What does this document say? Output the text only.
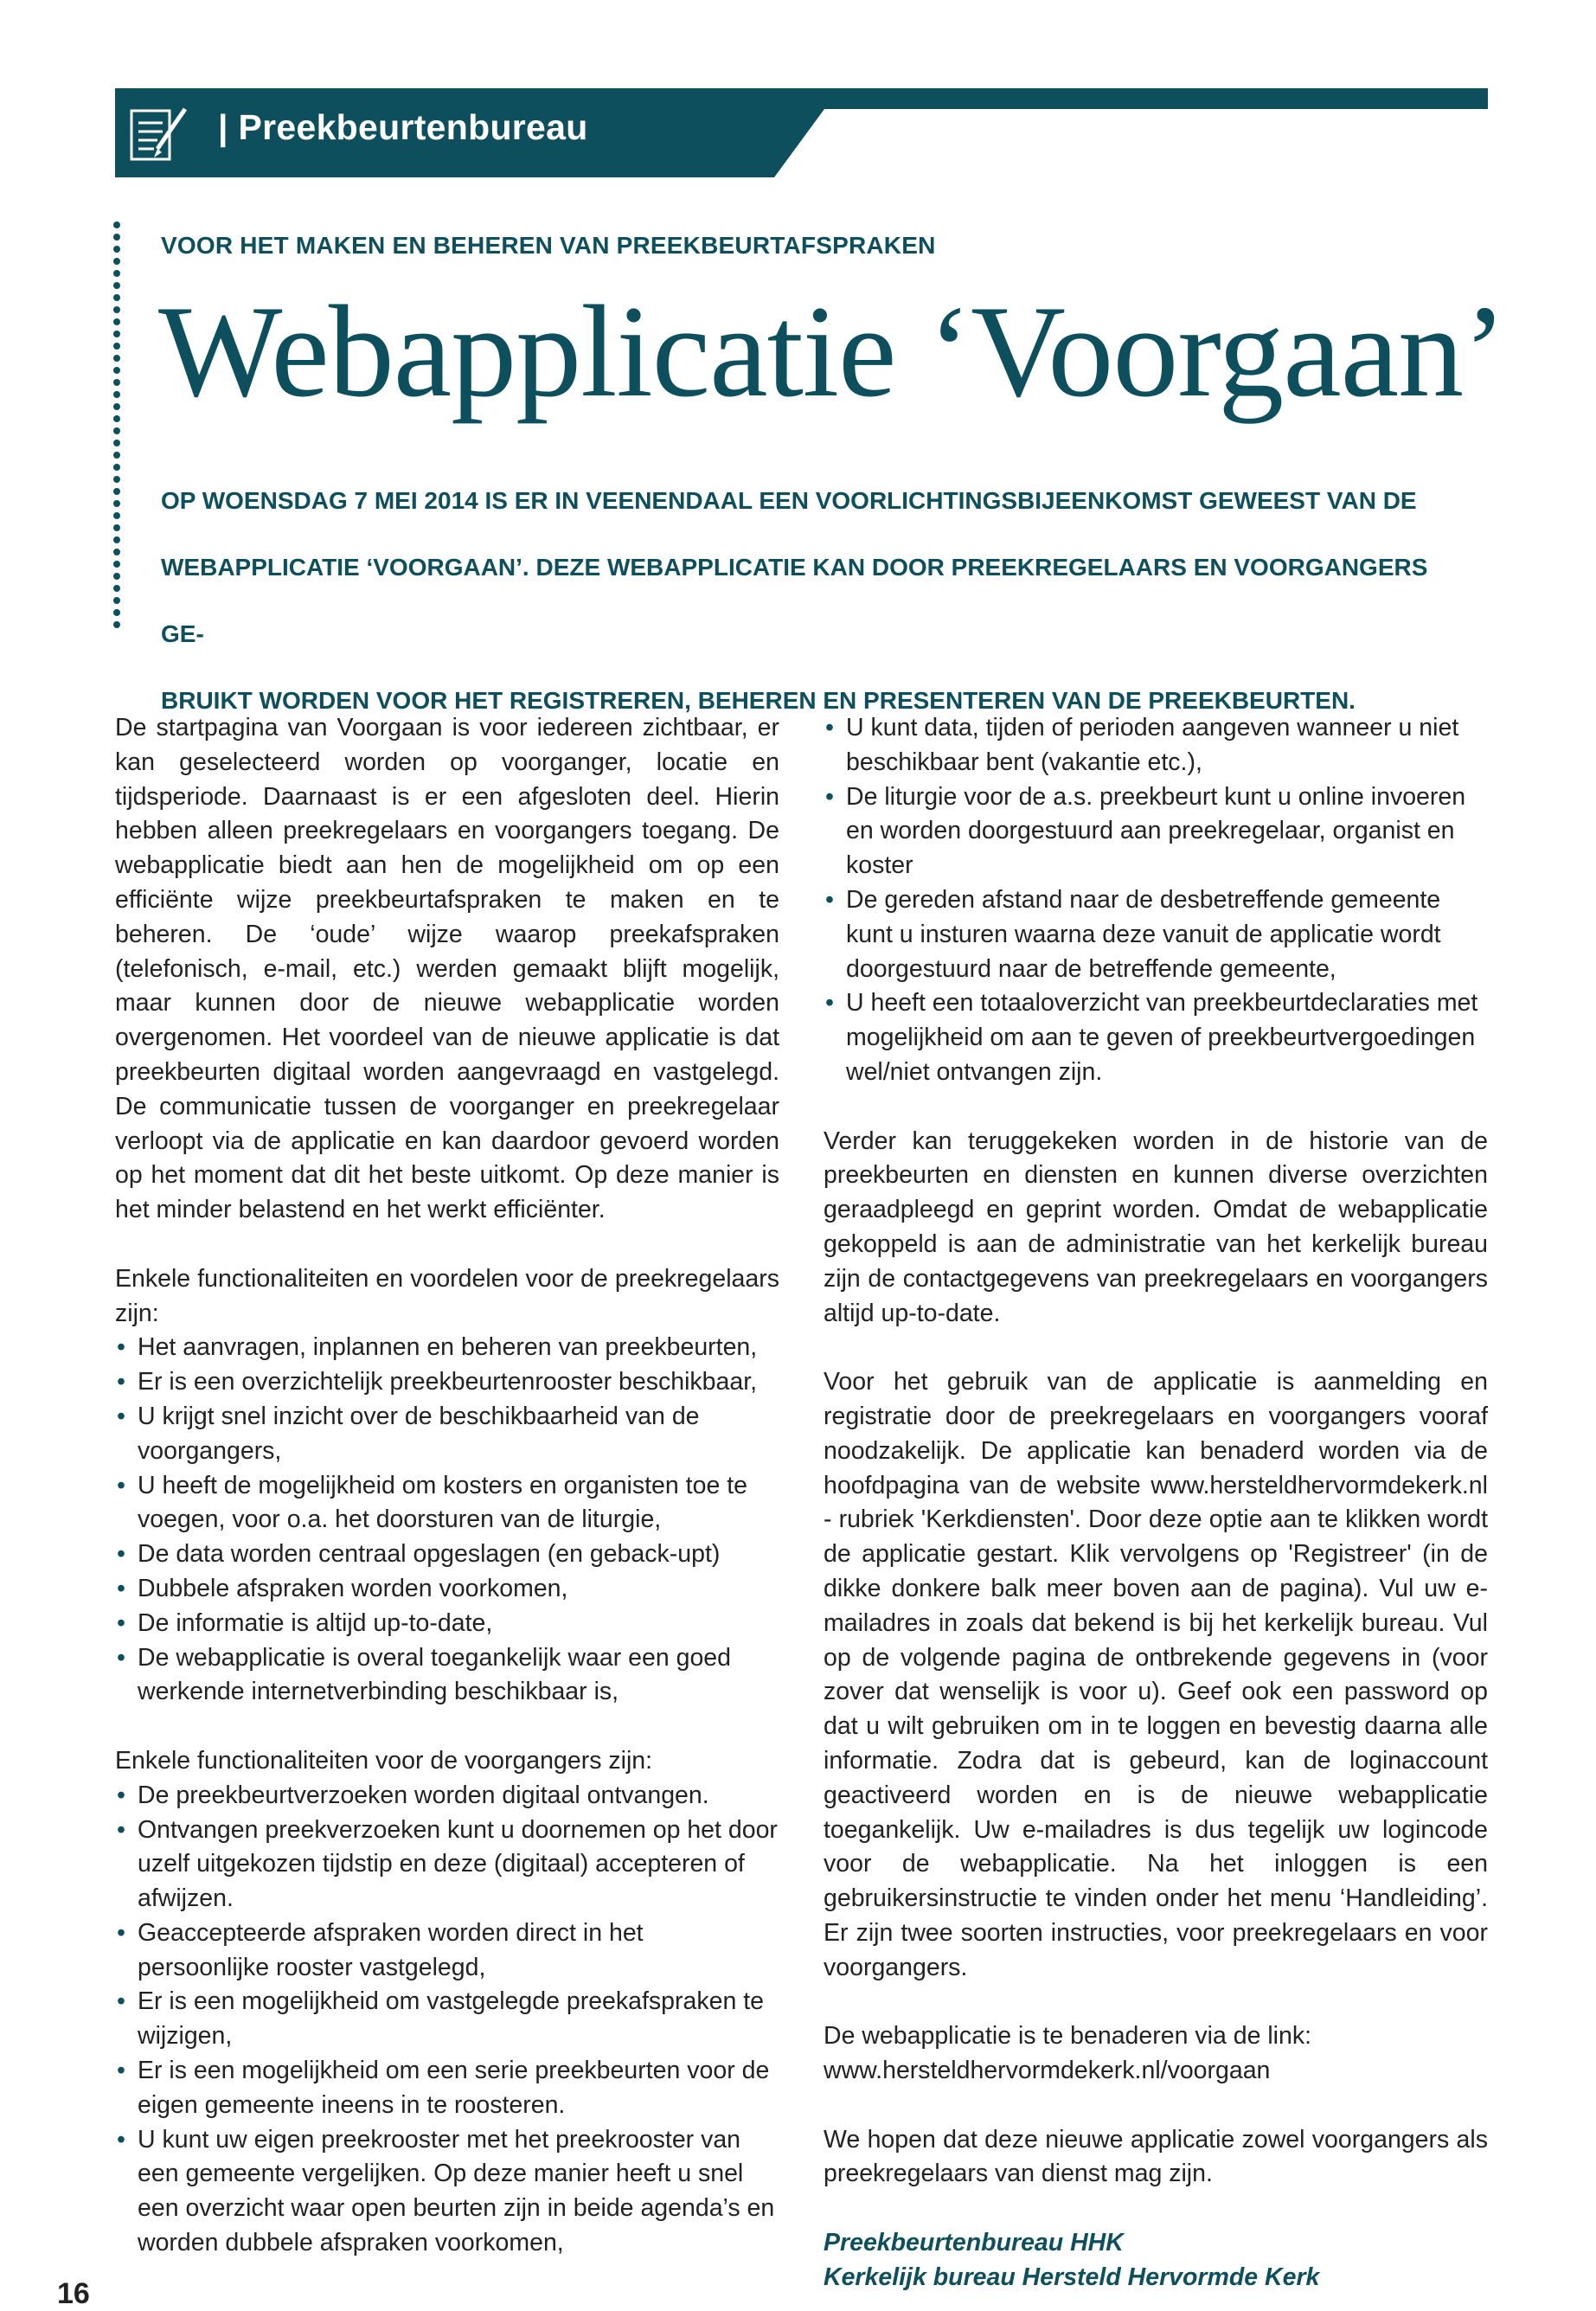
| Preekbeurtenbureau
VOOR HET MAKEN EN BEHEREN VAN PREEKBEURTAFSPRAKEN
Webapplicatie ‘Voorgaan’
OP WOENSDAG 7 MEI 2014 IS ER IN VEENENDAAL EEN VOORLICHTINGSBIJEENKOMST GEWEEST VAN DE
WEBAPPLICATIE ‘VOORGAAN’. DEZE WEBAPPLICATIE KAN DOOR PREEKREGELAARS EN VOORGANGERS GE-
BRUIKT WORDEN VOOR HET REGISTREREN, BEHEREN EN PRESENTEREN VAN DE PREEKBEURTEN.

De startpagina van Voorgaan is voor iedereen zichtbaar, er kan geselecteerd worden op voorganger, locatie en tijdsperiode. Daarnaast is er een afgesloten deel. Hierin hebben alleen preekregelaars en voorgangers toegang. De webapplicatie biedt aan hen de mogelijkheid om op een efficiënte wijze preekbeurtafspraken te maken en te beheren. De ‘oude’ wijze waarop preekafspraken (telefonisch, e-mail, etc.) werden gemaakt blijft mogelijk, maar kunnen door de nieuwe webapplicatie worden overgenomen. Het voordeel van de nieuwe applicatie is dat preekbeurten digitaal worden aangevraagd en vastgelegd. De communicatie tussen de voorganger en preekregelaar verloopt via de applicatie en kan daardoor gevoerd worden op het moment dat dit het beste uitkomt. Op deze manier is het minder belastend en het werkt efficiënter.

Enkele functionaliteiten en voordelen voor de preekregelaars zijn:

• Het aanvragen, inplannen en beheren van preekbeurten,
• Er is een overzichtelijk preekbeurtenrooster beschikbaar,
• U krijgt snel inzicht over de beschikbaarheid van de voorgangers,
• U heeft de mogelijkheid om kosters en organisten toe te voegen, voor o.a. het doorsturen van de liturgie,
• De data worden centraal opgeslagen (en geback-upt)
• Dubbele afspraken worden voorkomen,
• De informatie is altijd up-to-date,
• De webapplicatie is overal toegankelijk waar een goed werkende internetverbinding beschikbaar is,

Enkele functionaliteiten voor de voorgangers zijn:

• De preekbeurtverzoeken worden digitaal ontvangen.
• Ontvangen preekverzoeken kunt u doornemen op het door uzelf uitgekozen tijdstip en deze (digitaal) accepteren of afwijzen.
• Geaccepteerde afspraken worden direct in het persoonlijke rooster vastgelegd,
• Er is een mogelijkheid om vastgelegde preekafspraken te wijzigen,
• Er is een mogelijkheid om een serie preekbeurten voor de eigen gemeente ineens in te roosteren.
• U kunt uw eigen preekrooster met het preekrooster van een gemeente vergelijken. Op deze manier heeft u snel een overzicht waar open beurten zijn in beide agenda’s en worden dubbele afspraken voorkomen,
• U kunt data, tijden of perioden aangeven wanneer u niet beschikbaar bent (vakantie etc.),
• De liturgie voor de a.s. preekbeurt kunt u online invoeren en worden doorgestuurd aan preekregelaar, organist en koster
• De gereden afstand naar de desbetreffende gemeente kunt u insturen waarna deze vanuit de applicatie wordt doorgestuurd naar de betreffende gemeente,
• U heeft een totaaloverzicht van preekbeurtdeclaraties met mogelijkheid om aan te geven of preekbeurtvergoedingen wel/niet ontvangen zijn.

Verder kan teruggekeken worden in de historie van de preekbeurten en diensten en kunnen diverse overzichten geraadpleegd en geprint worden. Omdat de webapplicatie gekoppeld is aan de administratie van het kerkelijk bureau zijn de contactgegevens van preekregelaars en voorgangers altijd up-to-date.

Voor het gebruik van de applicatie is aanmelding en registratie door de preekregelaars en voorgangers vooraf noodzakelijk. De applicatie kan benaderd worden via de hoofdpagina van de website www.hersteldhervormdekerk.nl - rubriek 'Kerkdiensten'. Door deze optie aan te klikken wordt de applicatie gestart. Klik vervolgens op 'Registreer' (in de dikke donkere balk meer boven aan de pagina). Vul uw e-mailadres in zoals dat bekend is bij het kerkelijk bureau. Vul op de volgende pagina de ontbrekende gegevens in (voor zover dat wenselijk is voor u). Geef ook een password op dat u wilt gebruiken om in te loggen en bevestig daarna alle informatie. Zodra dat is gebeurd, kan de loginaccount geactiveerd worden en is de nieuwe webapplicatie toegankelijk. Uw e-mailadres is dus tegelijk uw logincode voor de webapplicatie. Na het inloggen is een gebruikersinstructie te vinden onder het menu ‘Handleiding’. Er zijn twee soorten instructies, voor preekregelaars en voor voorgangers.

De webapplicatie is te benaderen via de link:
www.hersteldhervormdekerk.nl/voorgaan

We hopen dat deze nieuwe applicatie zowel voorgangers als preekregelaars van dienst mag zijn.

Preekbeurtenbureau HHK
Kerkelijk bureau Hersteld Hervormde Kerk
16
